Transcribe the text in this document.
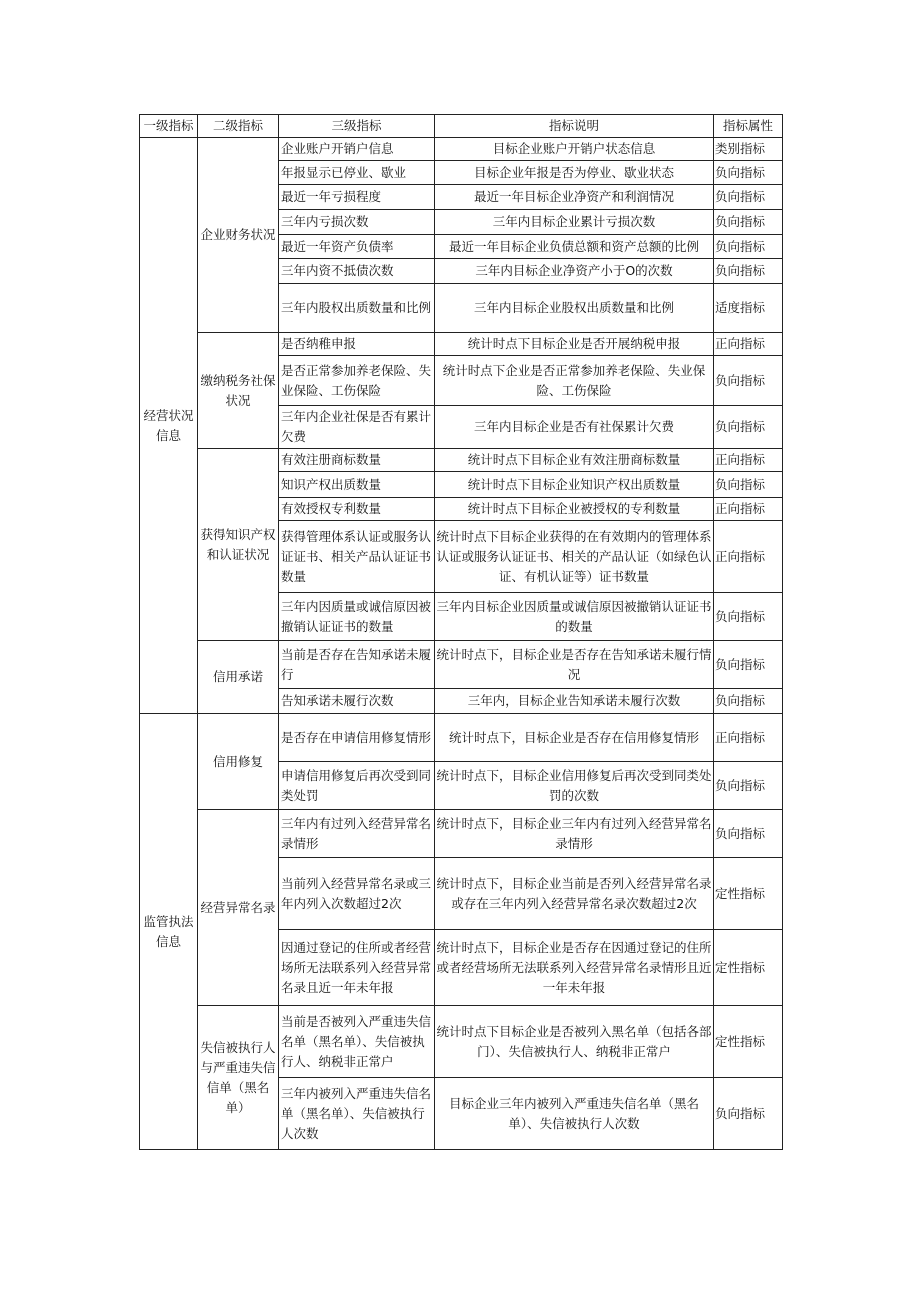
一级指标	二级指标	三级指标	指标说明	指标属性
经营状况信息	企业财务状况	企业账户开销户信息	目标企业账户开销户状态信息	类别指标
		年报显示已停业、歇业	目标企业年报是否为停业、歇业状态	负向指标
		最近一年亏损程度	最近一年目标企业净资产和利润情况	负向指标
		三年内亏损次数	三年内目标企业累计亏损次数	负向指标
		最近一年资产负债率	最近一年目标企业负债总额和资产总额的比例	负向指标
		三年内资不抵债次数	三年内目标企业净资产小于O的次数	负向指标
		三年内股权出质数量和比例	三年内目标企业股权出质数量和比例	适度指标
	缴纳税务社保状况	是否纳稚申报	统计时点下目标企业是否开展纳税申报	正向指标
		是否正常参加养老保险、失业保险、工伤保险	统计时点下企业是否正常参加养老保险、失业保险、工伤保险	负向指标
		三年内企业社保是否有累计欠费	三年内目标企业是否有社保累计欠费	负向指标
	获得知识产权和认证状况	有效注册商标数量	统计时点下目标企业有效注册商标数量	正向指标
		知识产权出质数量	统计时点下目标企业知识产权出质数量	负向指标
		有效授权专利数量	统计时点下目标企业被授权的专利数量	正向指标
		获得管理体系认证或服务认证证书、相关产品认证证书数量	统计时点下目标企业获得的在有效期内的管理体系认证或服务认证证书、相关的产品认证（如绿色认证、有机认证等）证书数量	正向指标
		三年内因质量或诚信原因被撤销认证证书的数量	三年内目标企业因质量或诚信原因被撤销认证证书的数量	负向指标
	信用承诺	当前是否存在告知承诺未履行	统计时点下，目标企业是否存在告知承诺未履行情况	负向指标
		告知承诺未履行次数	三年内，目标企业告知承诺未履行次数	负向指标
监管执法信息	信用修复	是否存在申请信用修复情形	统计时点下，目标企业是否存在信用修复情形	正向指标
		申请信用修复后再次受到同类处罚	统计时点下，目标企业信用修复后再次受到同类处罚的次数	负向指标
	经营异常名录	三年内有过列入经营异常名录情形	统计时点下，目标企业三年内有过列入经营异常名录情形	负向指标
		当前列入经营异常名录或三年内列入次数超过2次	统计时点下，目标企业当前是否列入经营异常名录或存在三年内列入经营异常名录次数超过2次	定性指标
		因通过登记的住所或者经营场所无法联系列入经营异常名录且近一年未年报	统计时点下，目标企业是否存在因通过登记的住所或者经营场所无法联系列入经营异常名录情形且近一年未年报	定性指标
	失信被执行人与严重违失信信单（黑名单）	当前是否被列入严重违失信名单（黑名单）、失信被执行人、纳税非正常户	统计时点下目标企业是否被列入黑名单（包括各部门）、失信被执行人、纳税非正常户	定性指标
		三年内被列入严重违失信名单（黑名单）、失信被执行人次数	目标企业三年内被列入严重违失信名单（黑名单）、失信被执行人次数	负向指标
